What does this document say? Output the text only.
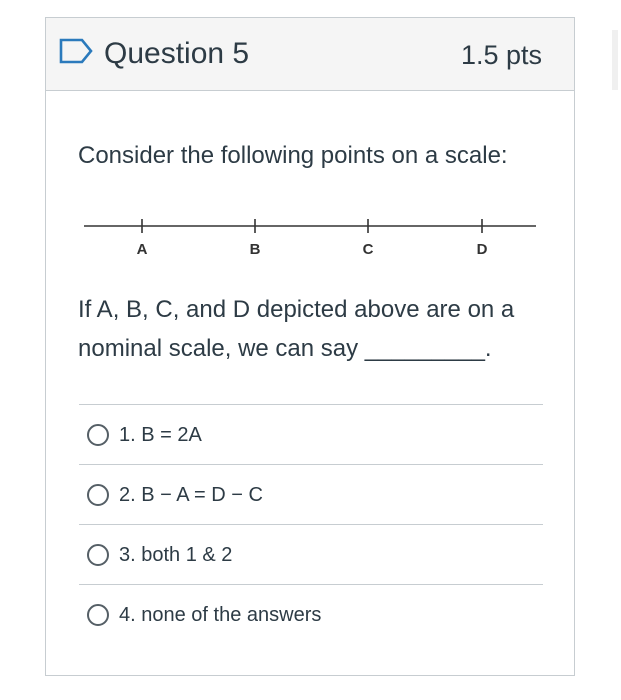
Question 5	1.5 pts
Consider the following points on a scale:
A	B	C	D
If A, B, C, and D depicted above are on a nominal scale, we can say _________.
1. B = 2A
2. B − A = D − C
3. both 1 & 2
4. none of the answers
